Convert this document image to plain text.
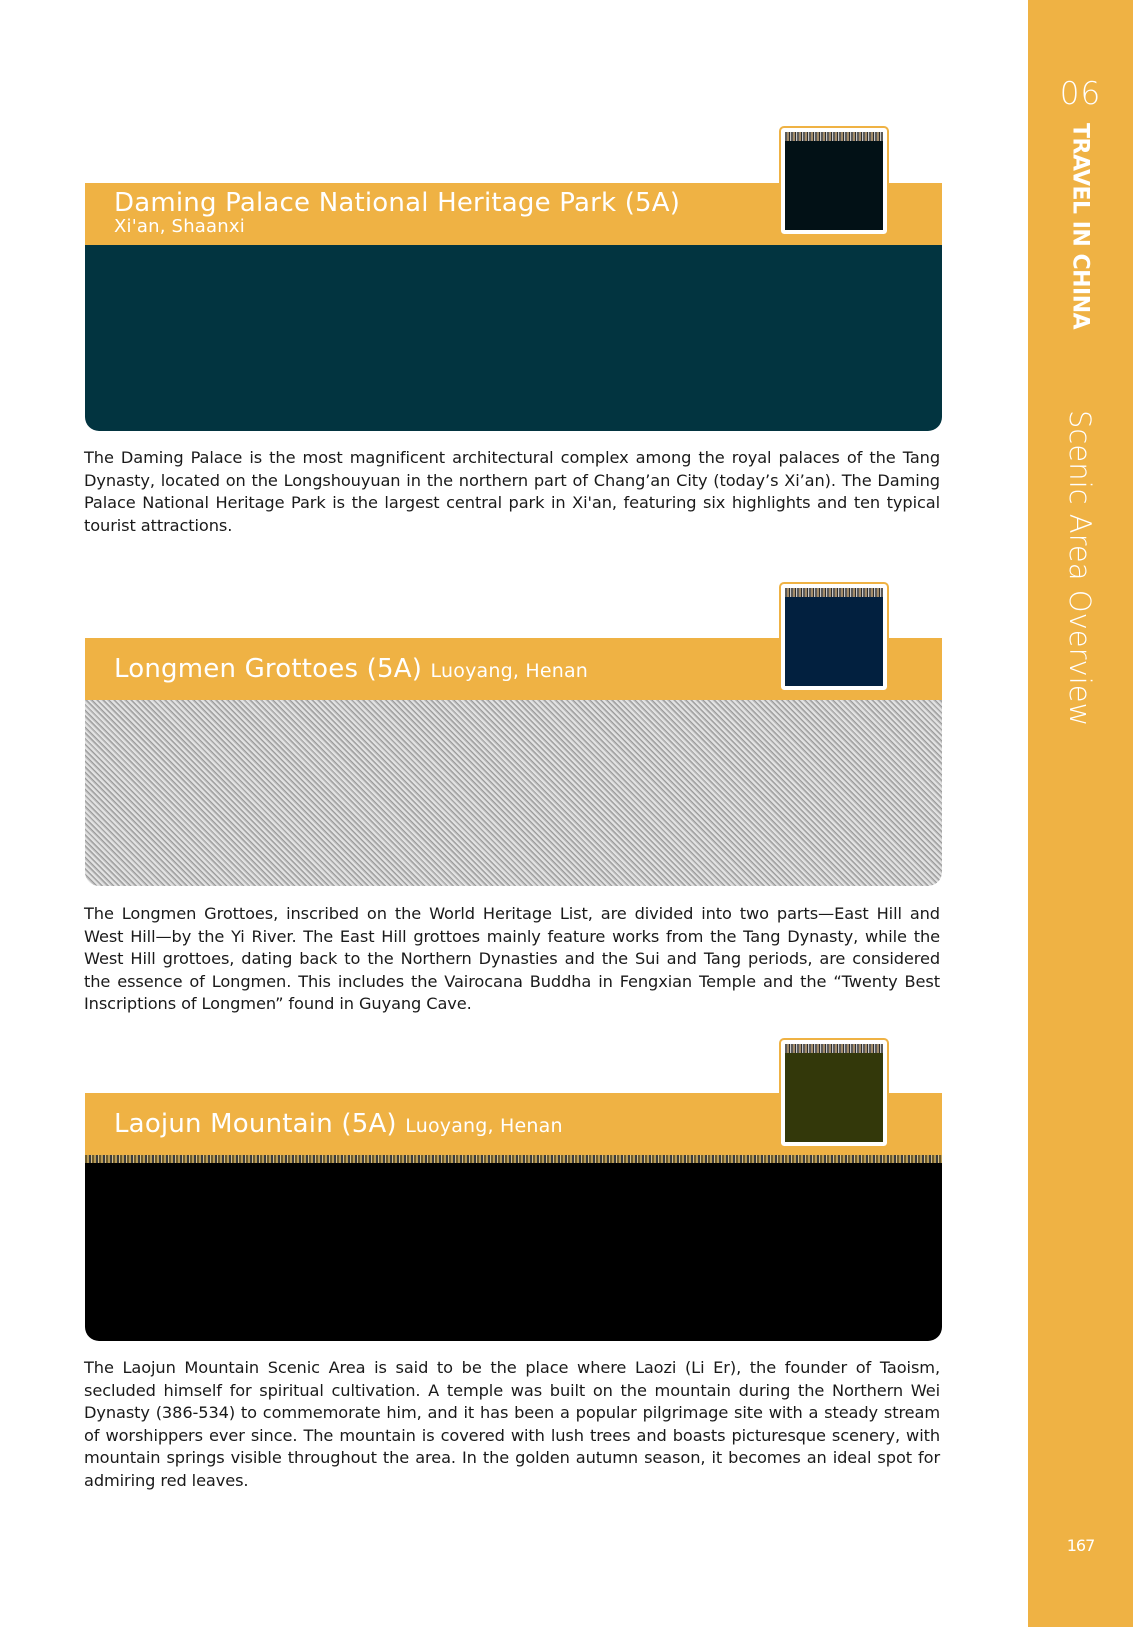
06
TRAVEL IN CHINA
Scenic Area Overview
167
Daming Palace National Heritage Park (5A)
Xi'an, Shaanxi

The Daming Palace is the most magnificent architectural complex among the royal palaces of the Tang Dynasty, located on the Longshouyuan in the northern part of Chang’an City (today’s Xi’an). The Daming Palace National Heritage Park is the largest central park in Xi'an, featuring six highlights and ten typical tourist attractions.

Longmen Grottoes (5A) Luoyang, Henan

The Longmen Grottoes, inscribed on the World Heritage List, are divided into two parts—East Hill and West Hill—by the Yi River. The East Hill grottoes mainly feature works from the Tang Dynasty, while the West Hill grottoes, dating back to the Northern Dynasties and the Sui and Tang periods, are considered the essence of Longmen. This includes the Vairocana Buddha in Fengxian Temple and the “Twenty Best Inscriptions of Longmen” found in Guyang Cave.

Laojun Mountain (5A) Luoyang, Henan

The Laojun Mountain Scenic Area is said to be the place where Laozi (Li Er), the founder of Taoism, secluded himself for spiritual cultivation. A temple was built on the mountain during the Northern Wei Dynasty (386-534) to commemorate him, and it has been a popular pilgrimage site with a steady stream of worshippers ever since. The mountain is covered with lush trees and boasts picturesque scenery, with mountain springs visible throughout the area. In the golden autumn season, it becomes an ideal spot for admiring red leaves.
